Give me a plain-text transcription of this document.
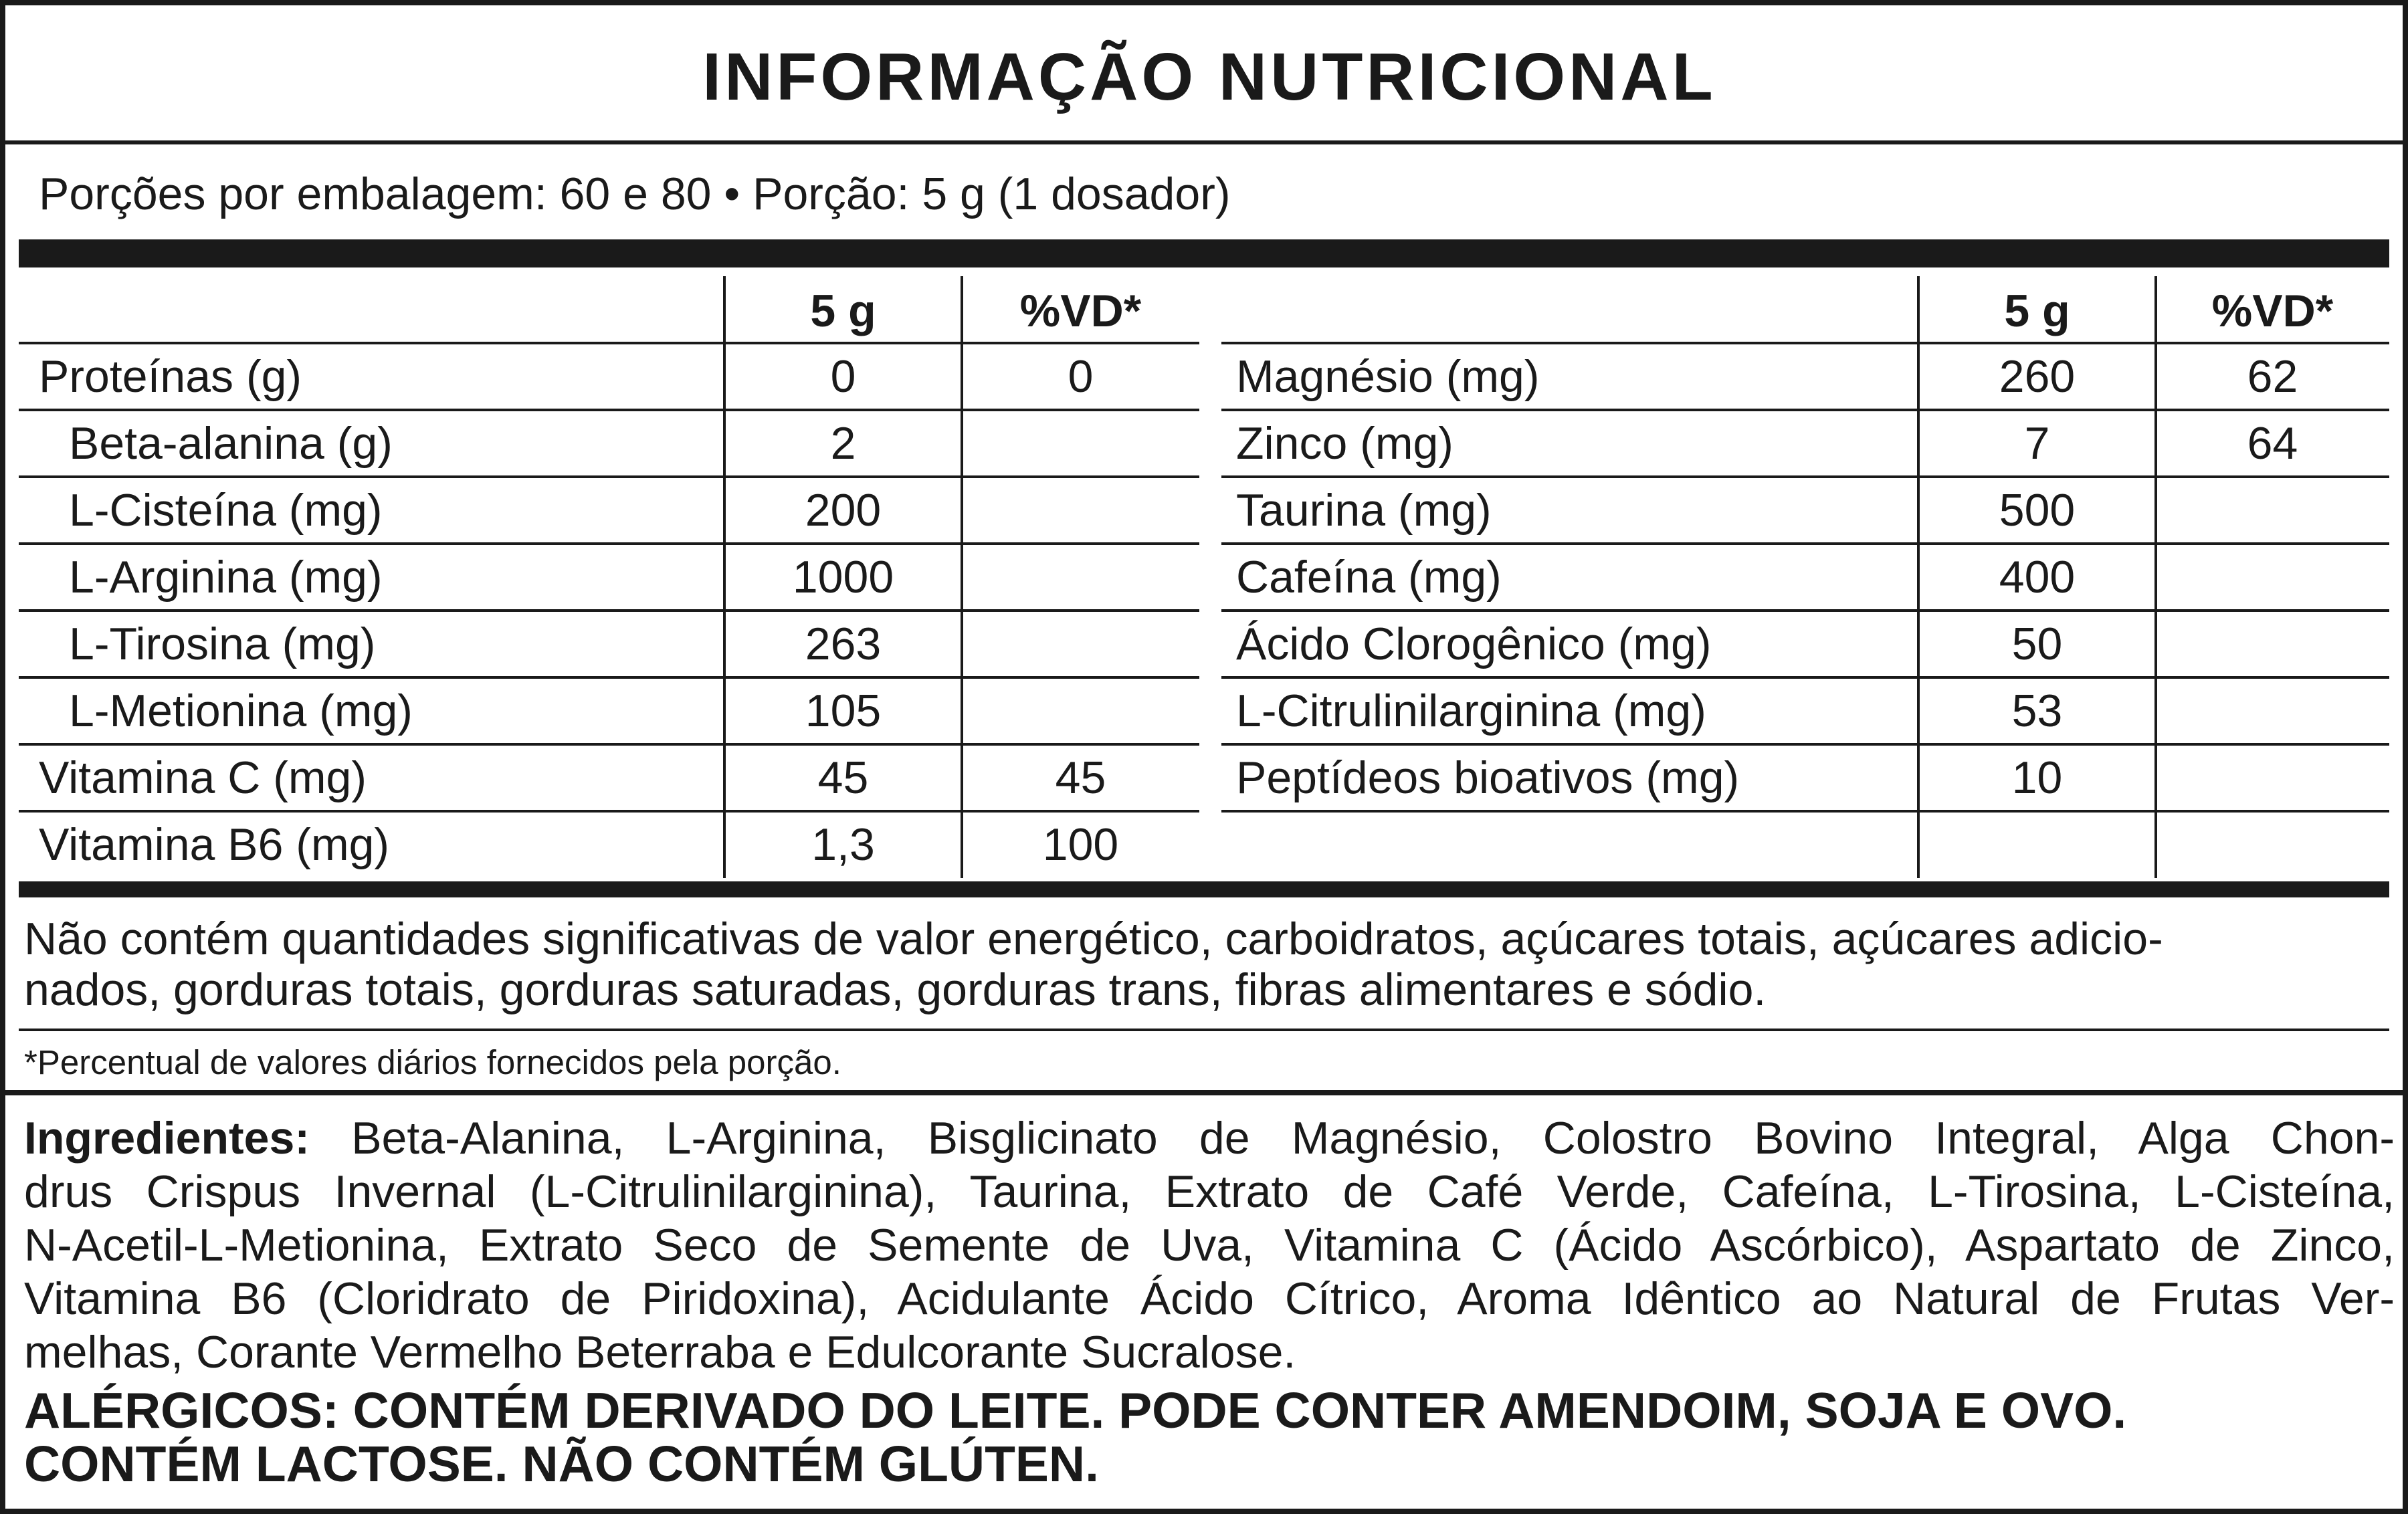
INFORMAÇÃO NUTRICIONAL
Porções por embalagem: 60 e 80 • Porção: 5 g (1 dosador)
5 g	%VD*
Proteínas (g)	0	0
Beta-alanina (g)	2
L-Cisteína (mg)	200
L-Arginina (mg)	1000
L-Tirosina (mg)	263
L-Metionina (mg)	105
Vitamina C (mg)	45	45
Vitamina B6 (mg)	1,3	100
5 g	%VD*
Magnésio (mg)	260	62
Zinco (mg)	7	64
Taurina (mg)	500
Cafeína (mg)	400
Ácido Clorogênico (mg)	50
L-Citrulinilarginina (mg)	53
Peptídeos bioativos (mg)	10
Não contém quantidades significativas de valor energético, carboidratos, açúcares totais, açúcares adicio-
nados, gorduras totais, gorduras saturadas, gorduras trans, fibras alimentares e sódio.
*Percentual de valores diários fornecidos pela porção.
Ingredientes: Beta-Alanina, L-Arginina, Bisglicinato de Magnésio, Colostro Bovino Integral, Alga Chon-
drus Crispus Invernal (L-Citrulinilarginina), Taurina, Extrato de Café Verde, Cafeína, L-Tirosina, L-Cisteína,
N-Acetil-L-Metionina, Extrato Seco de Semente de Uva, Vitamina C (Ácido Ascórbico), Aspartato de Zinco,
Vitamina B6 (Cloridrato de Piridoxina), Acidulante Ácido Cítrico, Aroma Idêntico ao Natural de Frutas Ver-
melhas, Corante Vermelho Beterraba e Edulcorante Sucralose.
ALÉRGICOS: CONTÉM DERIVADO DO LEITE. PODE CONTER AMENDOIM, SOJA E OVO.
CONTÉM LACTOSE. NÃO CONTÉM GLÚTEN.
